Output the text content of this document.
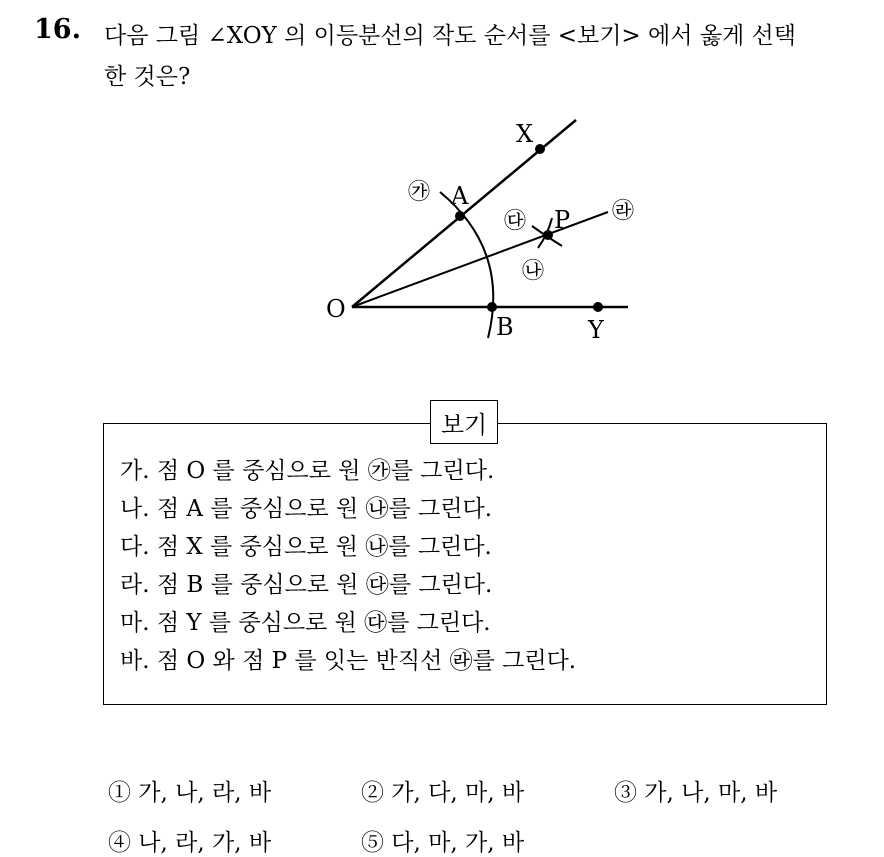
16. 다음 그림 ∠XOY 의 이등분선의 작도 순서를 <보기> 에서 옳게 선택
한 것은?
X
A
P
O
B	Y
㉮
㉰
㉯
㉱
보기
가. 점 O 를 중심으로 원 ㉮를 그린다.
나. 점 A 를 중심으로 원 ㉯를 그린다.
다. 점 X 를 중심으로 원 ㉯를 그린다.
라. 점 B 를 중심으로 원 ㉰를 그린다.
마. 점 Y 를 중심으로 원 ㉰를 그린다.
바. 점 O 와 점 P 를 잇는 반직선 ㉱를 그린다.
① 가, 나, 라, 바	② 가, 다, 마, 바	③ 가, 나, 마, 바
④ 나, 라, 가, 바	⑤ 다, 마, 가, 바
